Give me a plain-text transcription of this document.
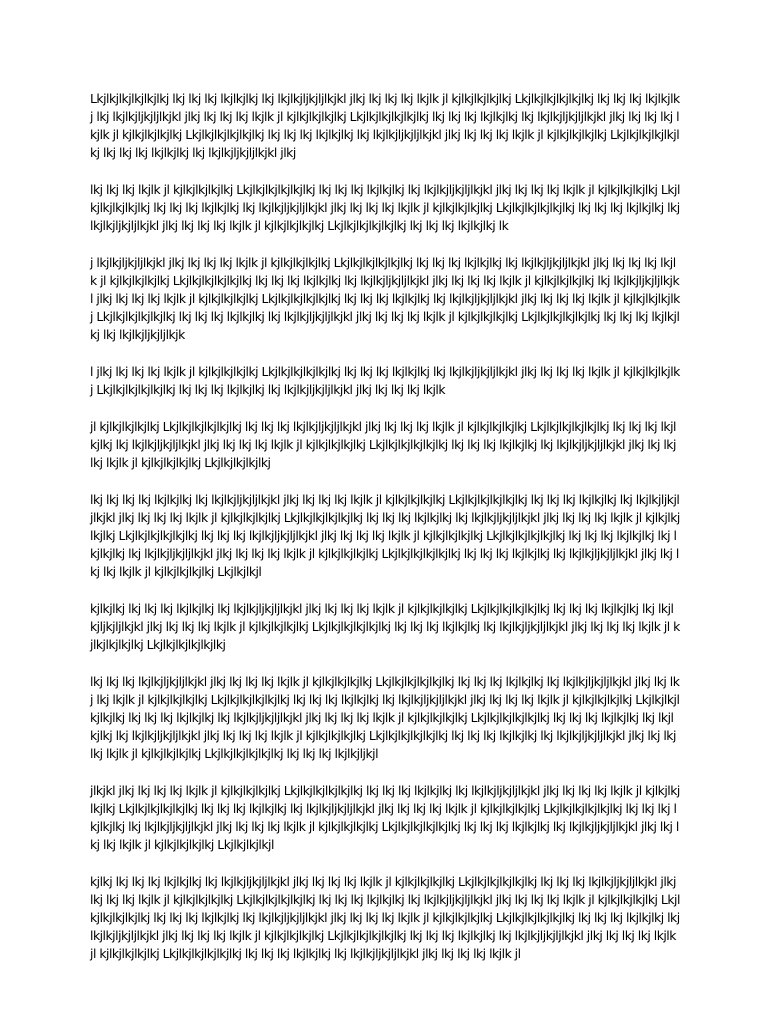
Lkjlkjlkjlkjlkjlkj lkj lkj lkj lkjlkjlkj lkj lkjlkjljkjljlkjkl jlkj lkj lkj lkj lkjlk jl kjlkjlkjlkjlkj Lkjlkjlkjlkjlkjlkj lkj lkj lkj lkjlkjlkj lkj lkjlkjljkjljlkjkl jlkj lkj lkj lkj lkjlk jl kjlkjlkjlkjlkj Lkjlkjlkjlkjlkjlkj lkj lkj lkj lkjlkjlkj lkj lkjlkjljkjljlkjkl jlkj lkj lkj lkj lkjlk jl kjlkjlkjlkjlkj Lkjlkjlkjlkjlkjlkj lkj lkj lkj lkjlkjlkj lkj lkjlkjljkjljlkjkl jlkj lkj lkj lkj lkjlk jl kjlkjlkjlkjlkj Lkjlkjlkjlkjlkjlkj lkj lkj lkj lkjlkjlkj lkj lkjlkjljkjljlkjkl jlkj

lkj lkj lkj lkjlk jl kjlkjlkjlkjlkj Lkjlkjlkjlkjlkjlkj lkj lkj lkj lkjlkjlkj lkj lkjlkjljkjljlkjkl jlkj lkj lkj lkj lkjlk jl kjlkjlkjlkjlkj Lkjlkjlkjlkjlkjlkj lkj lkj lkj lkjlkjlkj lkj lkjlkjljkjljlkjkl jlkj lkj lkj lkj lkjlk jl kjlkjlkjlkjlkj Lkjlkjlkjlkjlkjlkj lkj lkj lkj lkjlkjlkj lkj lkjlkjljkjljlkjkl jlkj lkj lkj lkj lkjlk jl kjlkjlkjlkjlkj Lkjlkjlkjlkjlkjlkj lkj lkj lkj lkjlkjlkj lk

j lkjlkjljkjljlkjkl jlkj lkj lkj lkj lkjlk jl kjlkjlkjlkjlkj Lkjlkjlkjlkjlkjlkj lkj lkj lkj lkjlkjlkj lkj lkjlkjljkjljlkjkl jlkj lkj lkj lkj lkjlk jl kjlkjlkjlkjlkj Lkjlkjlkjlkjlkjlkj lkj lkj lkj lkjlkjlkj lkj lkjlkjljkjljlkjkl jlkj lkj lkj lkj lkjlk jl kjlkjlkjlkjlkj lkj lkjlkjljkjljlkjkl jlkj lkj lkj lkj lkjlk jl kjlkjlkjlkjlkj Lkjlkjlkjlkjlkjlkj lkj lkj lkj lkjlkjlkj lkj lkjlkjljkjljlkjkl jlkj lkj lkj lkj lkjlk jl kjlkjlkjlkjlkj Lkjlkjlkjlkjlkjlkj lkj lkj lkj lkjlkjlkj lkj lkjlkjljkjljlkjkl jlkj lkj lkj lkj lkjlk jl kjlkjlkjlkjlkj Lkjlkjlkjlkjlkjlkj lkj lkj lkj lkjlkjlkj lkj lkjlkjljkjljlkjk

l jlkj lkj lkj lkj lkjlk jl kjlkjlkjlkjlkj Lkjlkjlkjlkjlkjlkj lkj lkj lkj lkjlkjlkj lkj lkjlkjljkjljlkjkl jlkj lkj lkj lkj lkjlk jl kjlkjlkjlkjlkj Lkjlkjlkjlkjlkjlkj lkj lkj lkj lkjlkjlkj lkj lkjlkjljkjljlkjkl jlkj lkj lkj lkj lkjlk

jl kjlkjlkjlkjlkj Lkjlkjlkjlkjlkjlkj lkj lkj lkj lkjlkjljkjljlkjkl jlkj lkj lkj lkj lkjlk jl kjlkjlkjlkjlkj Lkjlkjlkjlkjlkjlkj lkj lkj lkj lkjlkjlkj lkj lkjlkjljkjljlkjkl jlkj lkj lkj lkj lkjlk jl kjlkjlkjlkjlkj Lkjlkjlkjlkjlkjlkj lkj lkj lkj lkjlkjlkj lkj lkjlkjljkjljlkjkl jlkj lkj lkj lkj lkjlk jl kjlkjlkjlkjlkj Lkjlkjlkjlkjlkj

lkj lkj lkj lkj lkjlkjlkj lkj lkjlkjljkjljlkjkl jlkj lkj lkj lkj lkjlk jl kjlkjlkjlkjlkj Lkjlkjlkjlkjlkjlkj lkj lkj lkj lkjlkjlkj lkj lkjlkjljkjljlkjkl jlkj lkj lkj lkj lkjlk jl kjlkjlkjlkjlkj Lkjlkjlkjlkjlkjlkj lkj lkj lkj lkjlkjlkj lkj lkjlkjljkjljlkjkl jlkj lkj lkj lkj lkjlk jl kjlkjlkjlkjlkj Lkjlkjlkjlkjlkjlkj lkj lkj lkj lkjlkjljkjljlkjkl jlkj lkj lkj lkj lkjlk jl kjlkjlkjlkjlkj Lkjlkjlkjlkjlkjlkj lkj lkj lkj lkjlkjlkj lkj lkjlkjlkj lkj lkjlkjljkjljlkjkl jlkj lkj lkj lkj lkjlk jl kjlkjlkjlkjlkj Lkjlkjlkjlkjlkjlkj lkj lkj lkj lkjlkjlkj lkj lkjlkjljkjljlkjkl jlkj lkj lkj lkj lkjlk jl kjlkjlkjlkjlkj Lkjlkjlkjl

kjlkjlkj lkj lkj lkj lkjlkjlkj lkj lkjlkjljkjljlkjkl jlkj lkj lkj lkj lkjlk jl kjlkjlkjlkjlkj Lkjlkjlkjlkjlkjlkj lkj lkj lkj lkjlkjlkj lkj lkjlkjljkjljlkjkl jlkj lkj lkj lkj lkjlk jl kjlkjlkjlkjlkj Lkjlkjlkjlkjlkjlkj lkj lkj lkj lkjlkjlkj lkj lkjlkjljkjljlkjkl jlkj lkj lkj lkj lkjlk jl kjlkjlkjlkjlkj Lkjlkjlkjlkjlkjlkj

lkj lkj lkj lkjlkjljkjljlkjkl jlkj lkj lkj lkj lkjlk jl kjlkjlkjlkjlkj Lkjlkjlkjlkjlkjlkj lkj lkj lkj lkjlkjlkj lkj lkjlkjljkjljlkjkl jlkj lkj lkj lkj lkjlk jl kjlkjlkjlkjlkj Lkjlkjlkjlkjlkjlkj lkj lkj lkj lkjlkjlkj lkj lkjlkjljkjljlkjkl jlkj lkj lkj lkj lkjlk jl kjlkjlkjlkjlkj Lkjlkjlkjlkjlkjlkj lkj lkj lkj lkjlkjlkj lkj lkjlkjljkjljlkjkl jlkj lkj lkj lkj lkjlk jl kjlkjlkjlkjlkj Lkjlkjlkjlkjlkjlkj lkj lkj lkj lkjlkjlkj lkj lkjlkjlkj lkj lkjlkjljkjljlkjkl jlkj lkj lkj lkj lkjlk jl kjlkjlkjlkjlkj Lkjlkjlkjlkjlkjlkj lkj lkj lkj lkjlkjlkj lkj lkjlkjljkjljlkjkl jlkj lkj lkj lkj lkjlk jl kjlkjlkjlkjlkj Lkjlkjlkjlkjlkjlkj lkj lkj lkj lkjlkjljkjl

jlkjkl jlkj lkj lkj lkj lkjlk jl kjlkjlkjlkjlkj Lkjlkjlkjlkjlkjlkj lkj lkj lkj lkjlkjlkj lkj lkjlkjljkjljlkjkl jlkj lkj lkj lkj lkjlk jl kjlkjlkjlkjlkj Lkjlkjlkjlkjlkjlkj lkj lkj lkj lkjlkjlkj lkj lkjlkjljkjljlkjkl jlkj lkj lkj lkj lkjlk jl kjlkjlkjlkjlkj Lkjlkjlkjlkjlkjlkj lkj lkj lkj lkjlkjlkj lkj lkjlkjljkjljlkjkl jlkj lkj lkj lkj lkjlk jl kjlkjlkjlkjlkj Lkjlkjlkjlkjlkjlkj lkj lkj lkj lkjlkjlkj lkj lkjlkjljkjljlkjkl jlkj lkj lkj lkj lkjlk jl kjlkjlkjlkjlkj Lkjlkjlkjlkjl

kjlkj lkj lkj lkj lkjlkjlkj lkj lkjlkjljkjljlkjkl jlkj lkj lkj lkj lkjlk jl kjlkjlkjlkjlkj Lkjlkjlkjlkjlkjlkj lkj lkj lkj lkjlkjljkjljlkjkl jlkj lkj lkj lkj lkjlk jl kjlkjlkjlkjlkj Lkjlkjlkjlkjlkjlkj lkj lkj lkj lkjlkjlkj lkj lkjlkjljkjljlkjkl jlkj lkj lkj lkj lkjlk jl kjlkjlkjlkjlkj Lkjlkjlkjlkjlkjlkj lkj lkj lkj lkjlkjlkj lkj lkjlkjljkjljlkjkl jlkj lkj lkj lkj lkjlk jl kjlkjlkjlkjlkj Lkjlkjlkjlkjlkjlkj lkj lkj lkj lkjlkjlkj lkj lkjlkjljkjljlkjkl jlkj lkj lkj lkj lkjlk jl kjlkjlkjlkjlkj Lkjlkjlkjlkjlkjlkj lkj lkj lkj lkjlkjlkj lkj lkjlkjljkjljlkjkl jlkj lkj lkj lkj lkjlk jl kjlkjlkjlkjlkj Lkjlkjlkjlkjlkjlkj lkj lkj lkj lkjlkjlkj lkj lkjlkjljkjljlkjkl jlkj lkj lkj lkj lkjlk jl
